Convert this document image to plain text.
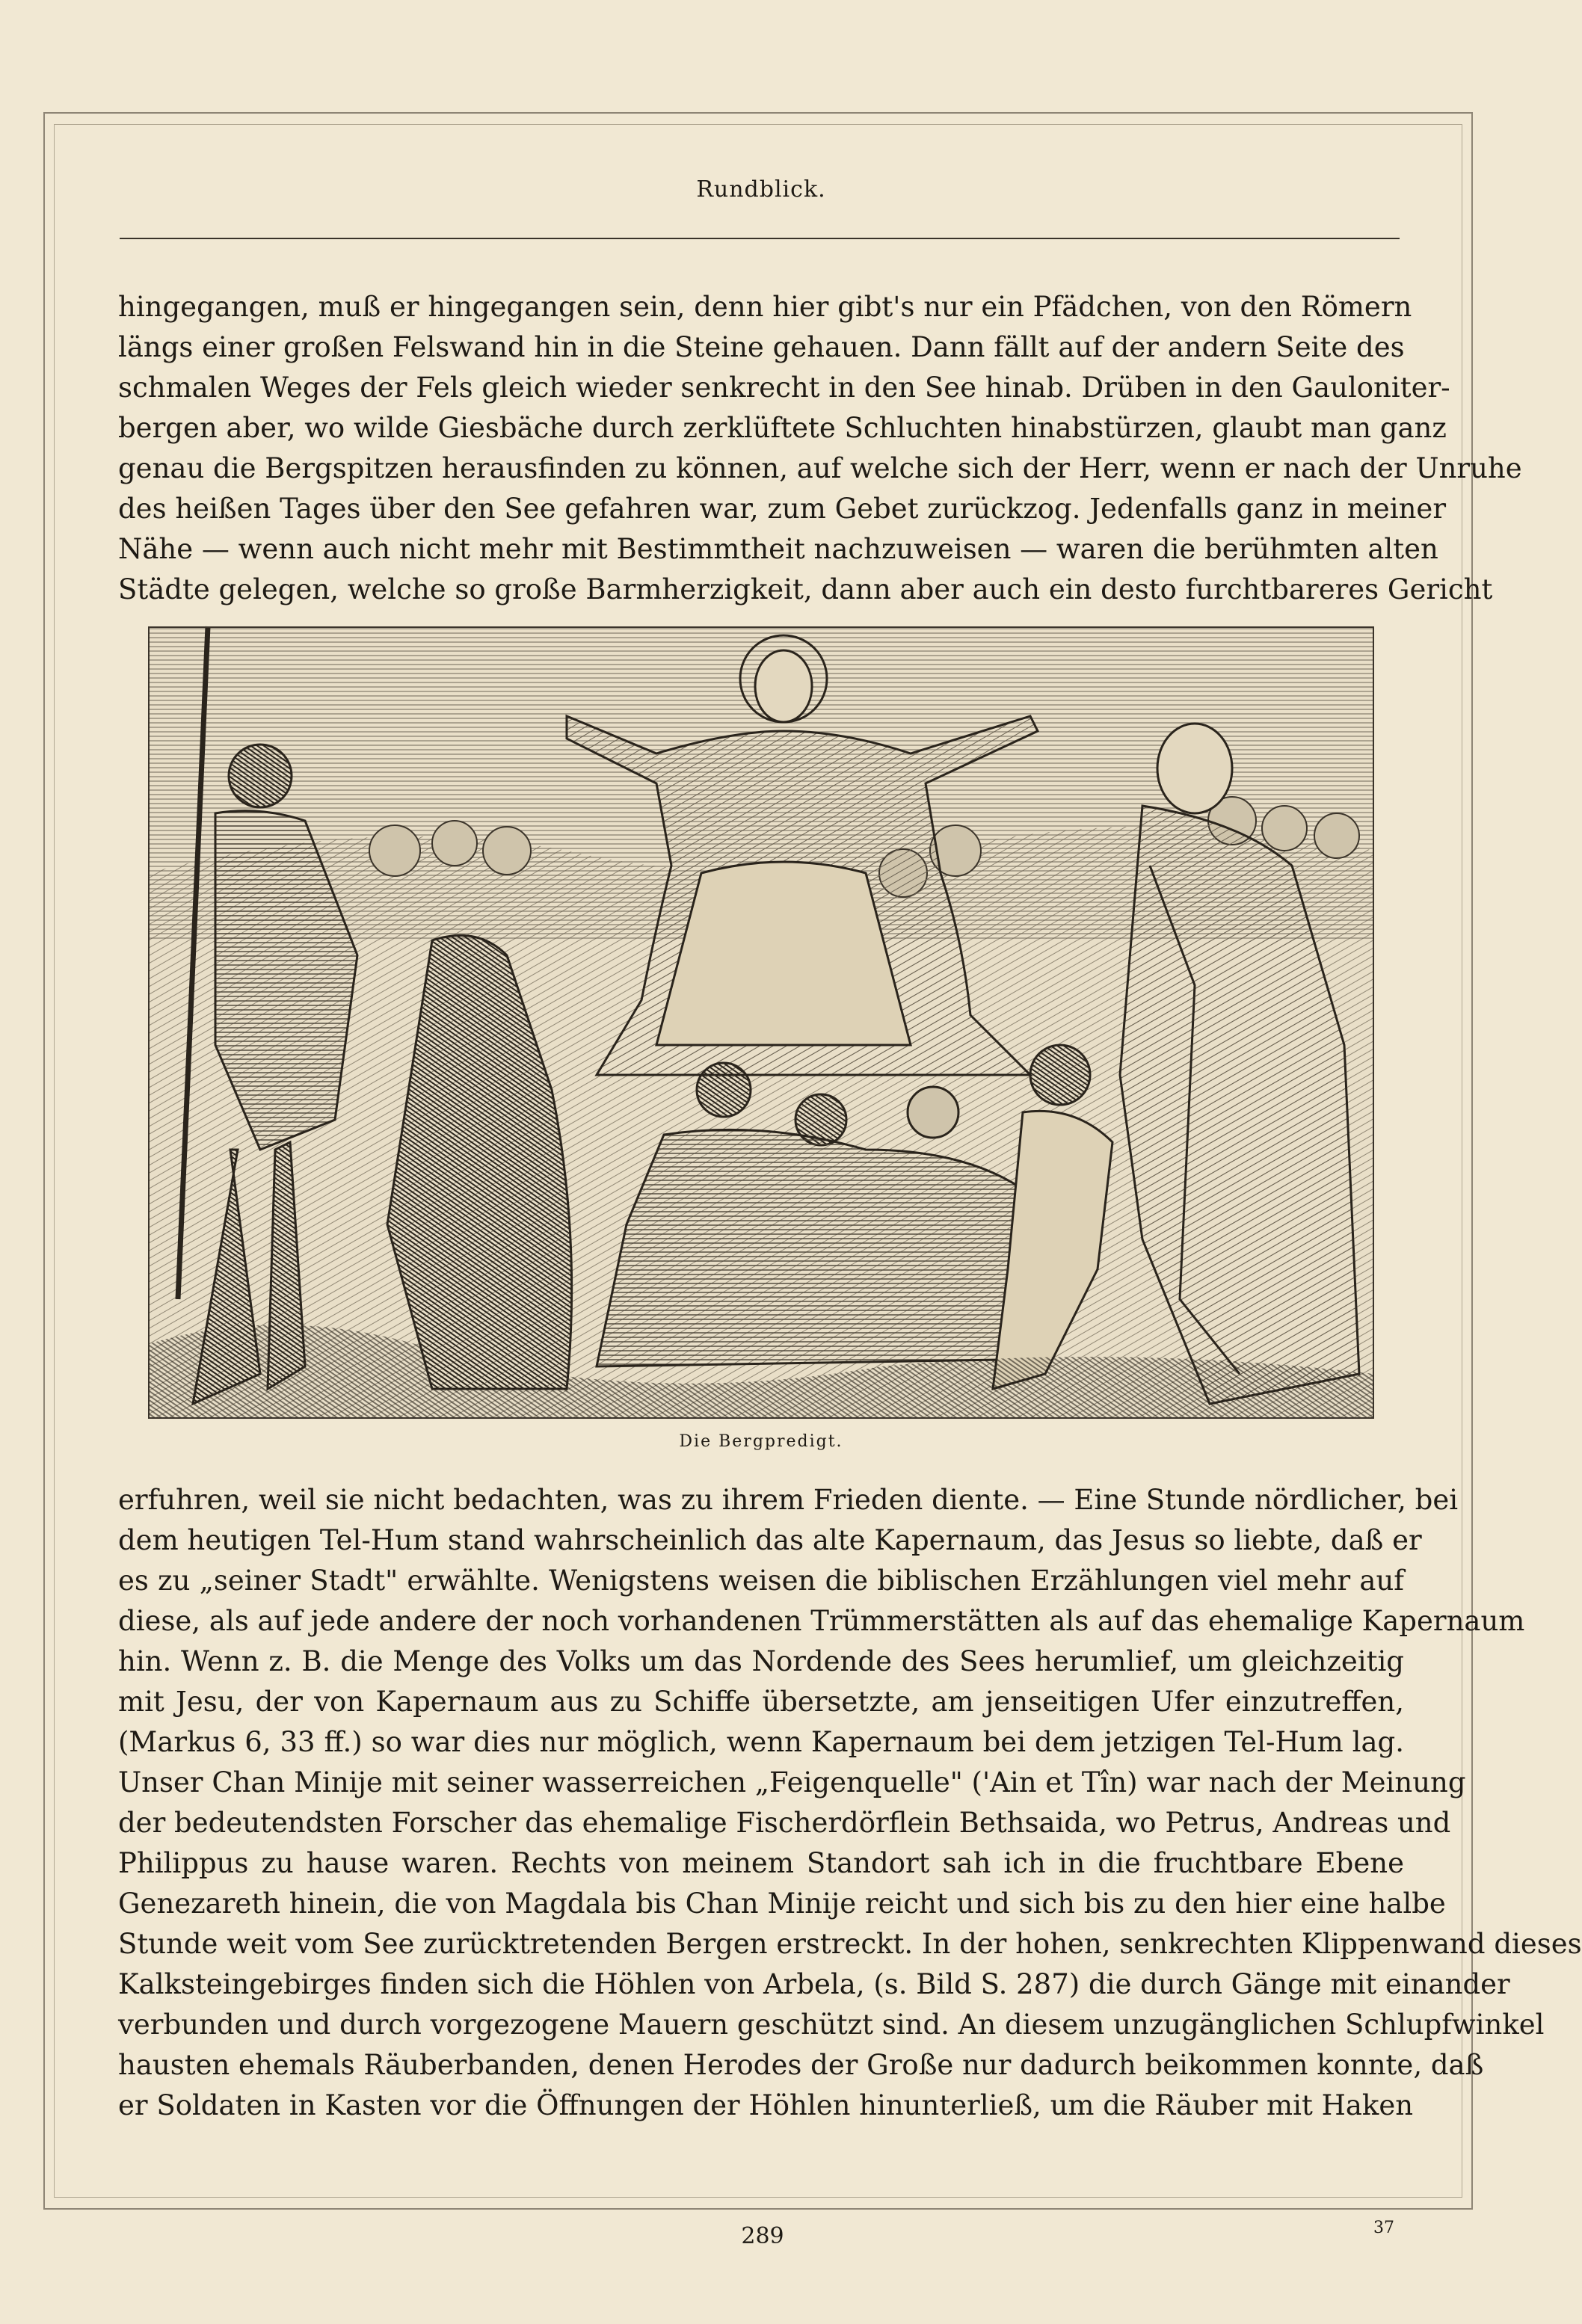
Rundblick.
hingegangen, muß er hingegangen sein, denn hier gibt's nur ein Pfädchen, von den Römern
längs einer großen Felswand hin in die Steine gehauen. Dann fällt auf der andern Seite des
schmalen Weges der Fels gleich wieder senkrecht in den See hinab. Drüben in den Gauloniter-
bergen aber, wo wilde Giesbäche durch zerklüftete Schluchten hinabstürzen, glaubt man ganz
genau die Bergspitzen herausfinden zu können, auf welche sich der Herr, wenn er nach der Unruhe
des heißen Tages über den See gefahren war, zum Gebet zurückzog. Jedenfalls ganz in meiner
Nähe — wenn auch nicht mehr mit Bestimmtheit nachzuweisen — waren die berühmten alten
Städte gelegen, welche so große Barmherzigkeit, dann aber auch ein desto furchtbareres Gericht
Die Bergpredigt.
erfuhren, weil sie nicht bedachten, was zu ihrem Frieden diente. — Eine Stunde nördlicher, bei
dem heutigen Tel-Hum stand wahrscheinlich das alte Kapernaum, das Jesus so liebte, daß er
es zu „seiner Stadt" erwählte. Wenigstens weisen die biblischen Erzählungen viel mehr auf
diese, als auf jede andere der noch vorhandenen Trümmerstätten als auf das ehemalige Kapernaum
hin. Wenn z. B. die Menge des Volks um das Nordende des Sees herumlief, um gleichzeitig
mit Jesu, der von Kapernaum aus zu Schiffe übersetzte, am jenseitigen Ufer einzutreffen,
(Markus 6, 33 ff.) so war dies nur möglich, wenn Kapernaum bei dem jetzigen Tel-Hum lag.
Unser Chan Minije mit seiner wasserreichen „Feigenquelle" ('Ain et Tîn) war nach der Meinung
der bedeutendsten Forscher das ehemalige Fischerdörflein Bethsaida, wo Petrus, Andreas und
Philippus zu hause waren. Rechts von meinem Standort sah ich in die fruchtbare Ebene
Genezareth hinein, die von Magdala bis Chan Minije reicht und sich bis zu den hier eine halbe
Stunde weit vom See zurücktretenden Bergen erstreckt. In der hohen, senkrechten Klippenwand dieses
Kalksteingebirges finden sich die Höhlen von Arbela, (s. Bild S. 287) die durch Gänge mit einander
verbunden und durch vorgezogene Mauern geschützt sind. An diesem unzugänglichen Schlupfwinkel
hausten ehemals Räuberbanden, denen Herodes der Große nur dadurch beikommen konnte, daß
er Soldaten in Kasten vor die Öffnungen der Höhlen hinunterließ, um die Räuber mit Haken
289	37
